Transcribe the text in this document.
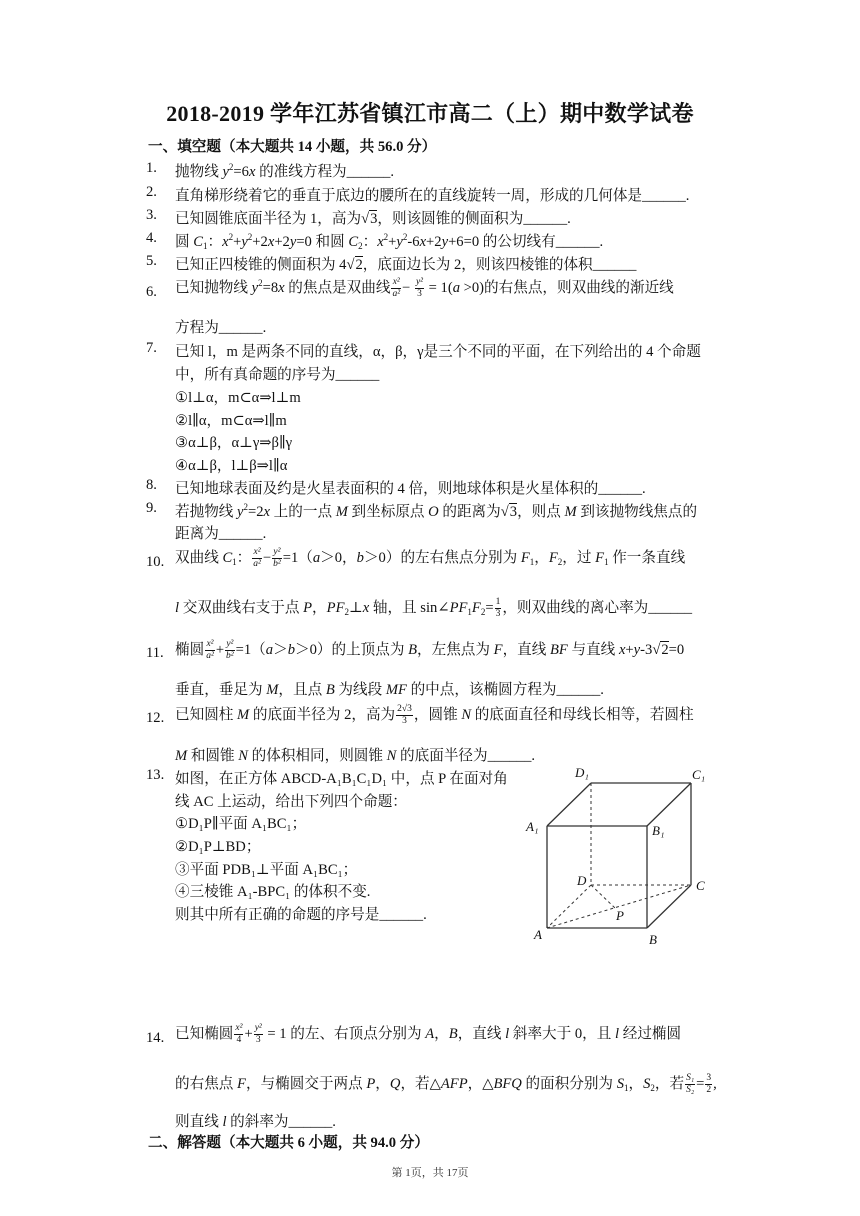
2018-2019 学年江苏省镇江市高二（上）期中数学试卷
一、填空题（本大题共 14 小题，共 56.0 分）
1. 抛物线 $y^2=6x$ 的准线方程为______.
2. 直角梯形绕着它的垂直于底边的腰所在的直线旋转一周，形成的几何体是______.
3. 已知圆锥底面半径为 1，高为√3，则该圆锥的侧面积为______.
4. 圆 $C_1$：$x^2+y^2+2x+2y=0$ 和圆 $C_2$：$x^2+y^2-6x+2y+6=0$ 的公切线有______.
5. 已知正四棱锥的侧面积为 4√2，底面边长为 2，则该四棱锥的体积______
6. 已知抛物线 $y^2=8x$ 的焦点是双曲线 $\frac{\text{x²}}{\text{a²}} - \frac{\text{y²}}{3} = 1(a >0)$的右焦点，则双曲线的渐近线
方程为______.
7. 已知 l，m 是两条不同的直线，α，β，γ是三个不同的平面，在下列给出的 4 个命题
中，所有真命题的序号为______
①l⊥α，m⊂α⇒l⊥m
②l∥α，m⊂α⇒l∥m
③α⊥β，α⊥γ⇒β∥γ
④α⊥β，l⊥β⇒l∥α
8. 已知地球表面及约是火星表面积的 4 倍，则地球体积是火星体积的______.
9. 若抛物线 $y^2=2x$ 上的一点 M 到坐标原点 O 的距离为√3，则点 M 到该抛物线焦点的
距离为______.
10. 双曲线 $C_1$： $\frac{\text{x²}}{\text{a²}} - \frac{\text{y²}}{\text{b²}} =1(a>0$，b＞0）的左右焦点分别为 $F_1$，$F_2$，过 $F_1$ 作一条直线
l 交双曲线右支于点 P，$PF_2\perp x$ 轴，且 $\sin\angle PF_1F_2= \frac{1}{3}$ ，则双曲线的离心率为______
11. 椭圆 $\frac{\text{x²}}{\text{a²}} + \frac{\text{y²}}{\text{b²}} =1(a>b>0)$的上顶点为 B，左焦点为 F，直线 BF 与直线 x+y-3√2=0
垂直，垂足为 M，且点 B 为线段 MF 的中点，该椭圆方程为______.
12. 已知圆柱 M 的底面半径为 2，高为 $\frac{2√3}{3}$ ，圆锥 N 的底面直径和母线长相等，若圆柱
M 和圆锥 N 的体积相同，则圆锥 N 的底面半径为______.
13. 如图，在正方体 ABCD-A₁B₁C₁D₁ 中，点 P 在面对角
线 AC 上运动，给出下列四个命题：
①D₁P∥平面 A₁BC₁；
②D₁P⊥BD；
③平面 PDB₁⊥平面 A₁BC₁；
④三棱锥 A₁-BPC₁ 的体积不变.
则其中所有正确的命题的序号是______.
D₁	C₁
A₁	B₁
D	C
P
A	B
14. 已知椭圆 $\frac{\text{x²}}{4} + \frac{\text{y²}}{3} = 1$ 的左、右顶点分别为 A，B，直线 l 斜率大于 0，且 l 经过椭圆
的右焦点 F，与椭圆交于两点 P，Q，若△AFP，△BFQ 的面积分别为 $S_1$，$S_2$，若 $\frac{\text{S₁}}{\text{S₂}} = \frac{3}{2}$ ,
则直线 l 的斜率为______.
二、解答题（本大题共 6 小题，共 94.0 分）
第 1页，共 17页
